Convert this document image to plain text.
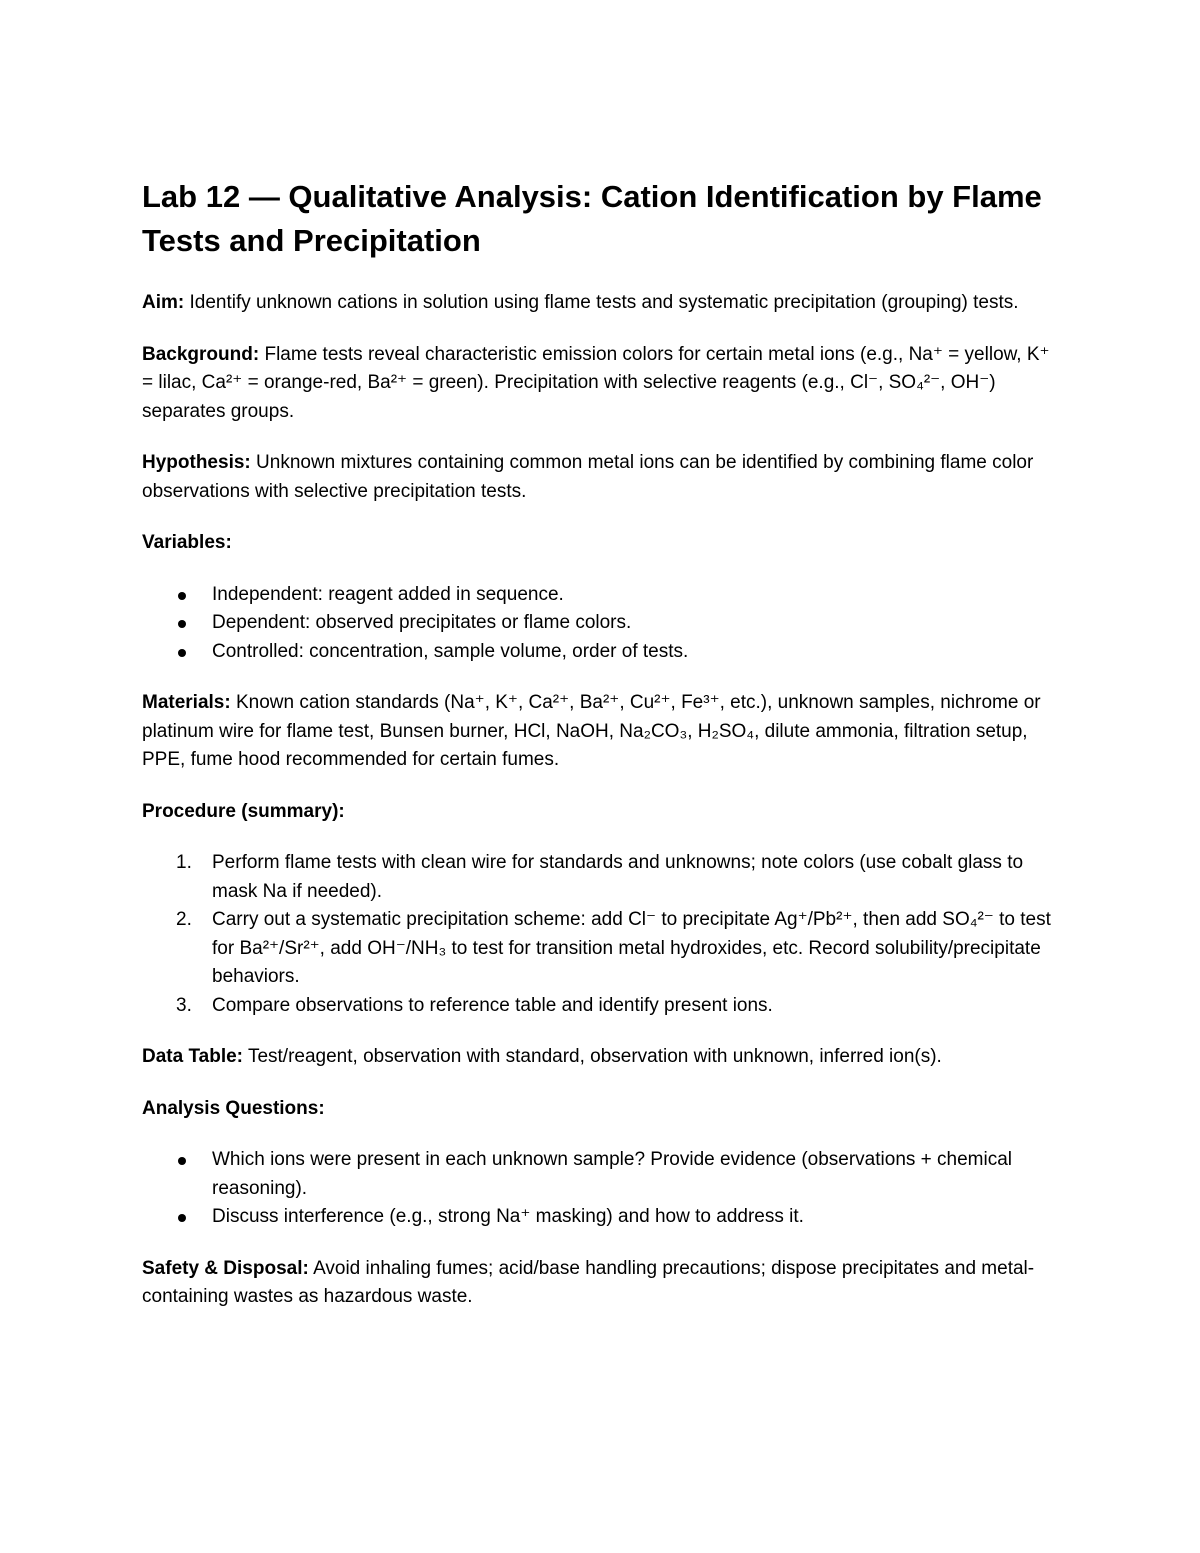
Lab 12 — Qualitative Analysis: Cation Identification by Flame Tests and Precipitation

Aim: Identify unknown cations in solution using flame tests and systematic precipitation (grouping) tests.

Background: Flame tests reveal characteristic emission colors for certain metal ions (e.g., Na⁺ = yellow, K⁺ = lilac, Ca²⁺ = orange-red, Ba²⁺ = green). Precipitation with selective reagents (e.g., Cl⁻, SO₄²⁻, OH⁻) separates groups.

Hypothesis: Unknown mixtures containing common metal ions can be identified by combining flame color observations with selective precipitation tests.

Variables:
Independent: reagent added in sequence.
Dependent: observed precipitates or flame colors.
Controlled: concentration, sample volume, order of tests.

Materials: Known cation standards (Na⁺, K⁺, Ca²⁺, Ba²⁺, Cu²⁺, Fe³⁺, etc.), unknown samples, nichrome or platinum wire for flame test, Bunsen burner, HCl, NaOH, Na₂CO₃, H₂SO₄, dilute ammonia, filtration setup, PPE, fume hood recommended for certain fumes.

Procedure (summary):
1. Perform flame tests with clean wire for standards and unknowns; note colors (use cobalt glass to mask Na if needed).
2. Carry out a systematic precipitation scheme: add Cl⁻ to precipitate Ag⁺/Pb²⁺, then add SO₄²⁻ to test for Ba²⁺/Sr²⁺, add OH⁻/NH₃ to test for transition metal hydroxides, etc. Record solubility/precipitate behaviors.
3. Compare observations to reference table and identify present ions.

Data Table: Test/reagent, observation with standard, observation with unknown, inferred ion(s).

Analysis Questions:
Which ions were present in each unknown sample? Provide evidence (observations + chemical reasoning).
Discuss interference (e.g., strong Na⁺ masking) and how to address it.

Safety & Disposal: Avoid inhaling fumes; acid/base handling precautions; dispose precipitates and metal-containing wastes as hazardous waste.
